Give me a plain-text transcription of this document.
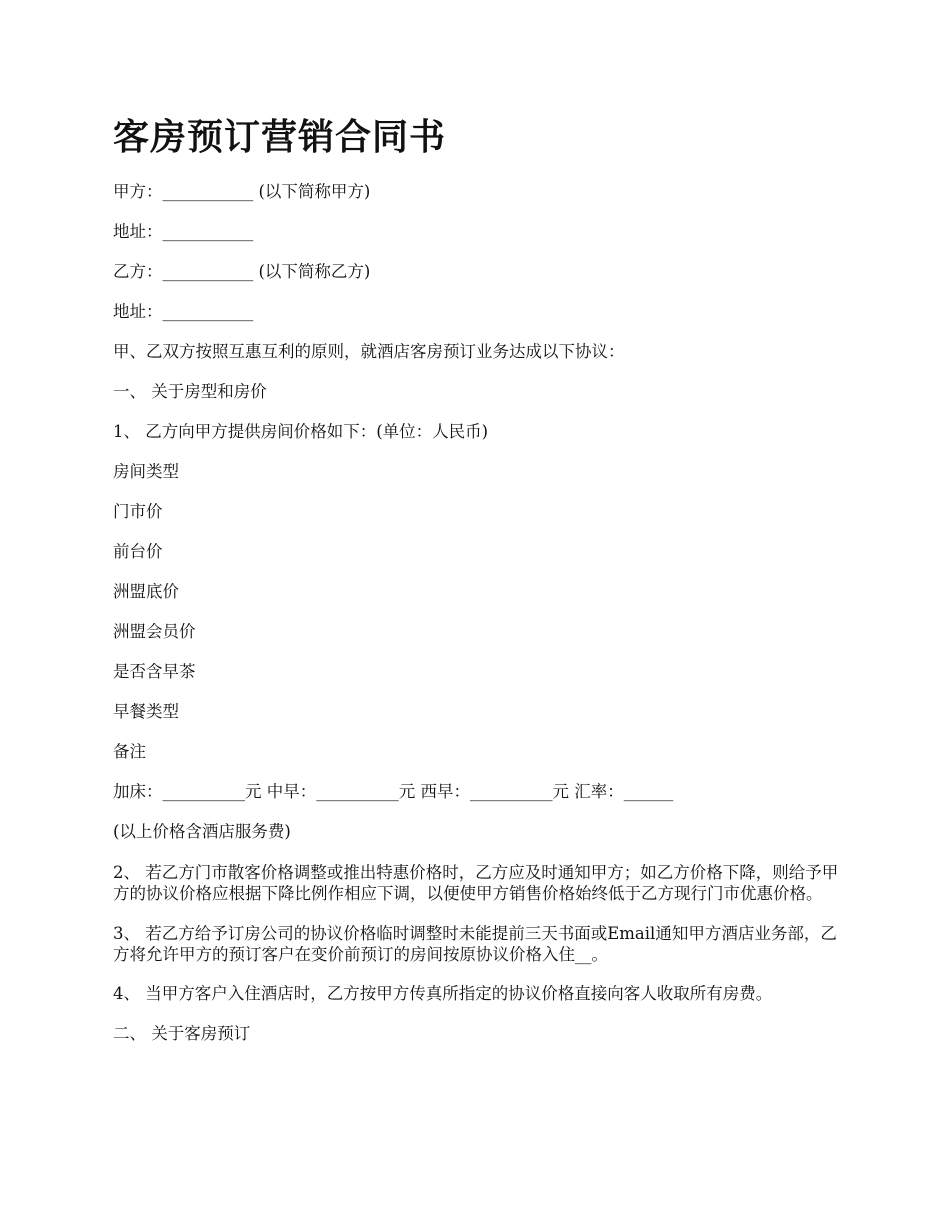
客房预订营销合同书

甲方：___________ (以下简称甲方)

地址：___________

乙方：___________ (以下简称乙方)

地址：___________

甲、乙双方按照互惠互利的原则，就酒店客房预订业务达成以下协议：

一、 关于房型和房价

1、 乙方向甲方提供房间价格如下：(单位：人民币)

房间类型

门市价

前台价

洲盟底价

洲盟会员价

是否含早茶

早餐类型

备注

加床：__________元 中早：__________元 西早：__________元 汇率：______

(以上价格含酒店服务费)

2、 若乙方门市散客价格调整或推出特惠价格时，乙方应及时通知甲方；如乙方价格下降，则给予甲方的协议价格应根据下降比例作相应下调，以便使甲方销售价格始终低于乙方现行门市优惠价格。

3、 若乙方给予订房公司的协议价格临时调整时未能提前三天书面或Email通知甲方酒店业务部，乙方将允许甲方的预订客户在变价前预订的房间按原协议价格入住__。

4、 当甲方客户入住酒店时，乙方按甲方传真所指定的协议价格直接向客人收取所有房费。

二、 关于客房预订
